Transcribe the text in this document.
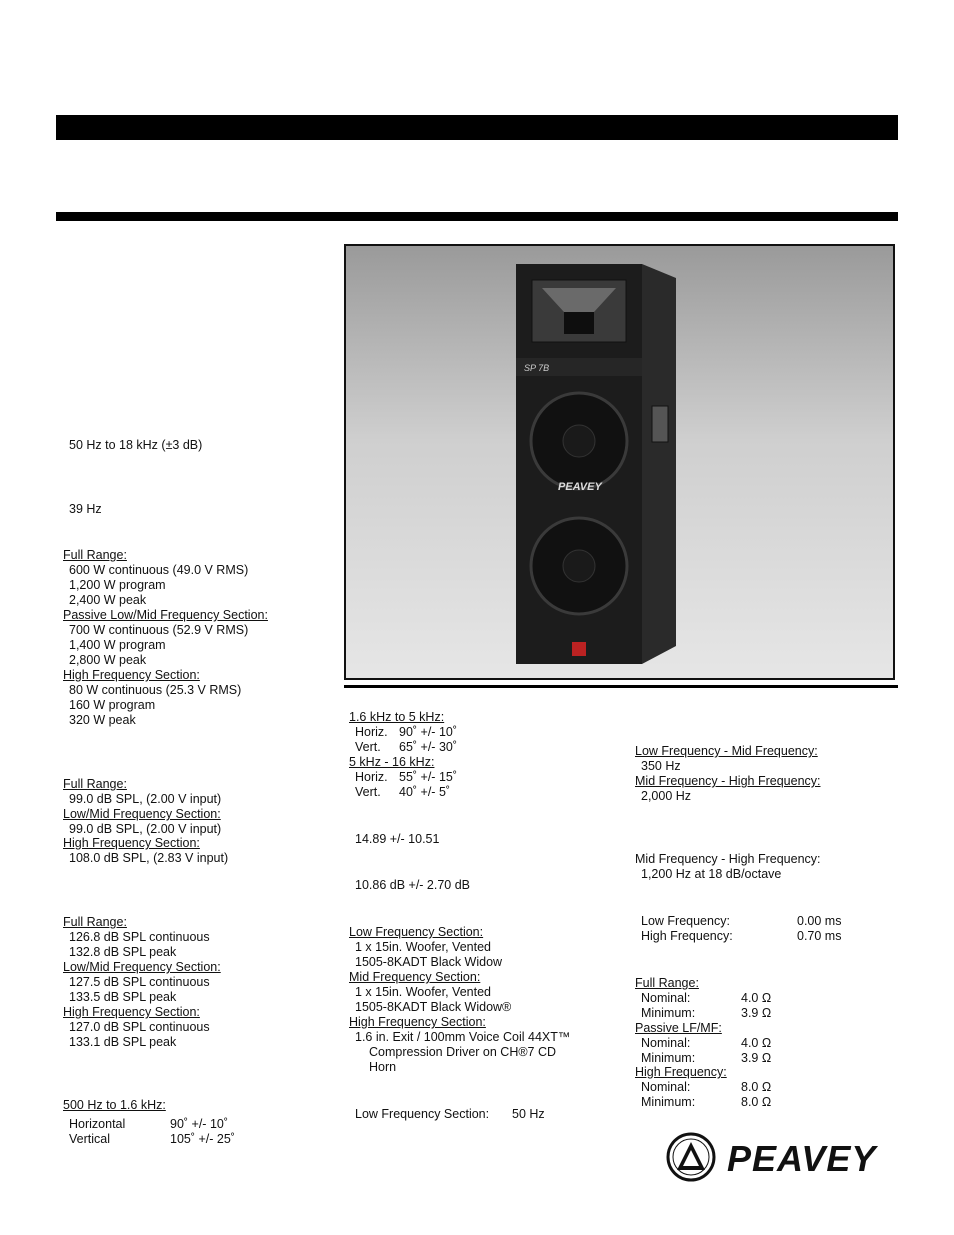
SP 7B
PEAVEY
50 Hz to 18 kHz (±3 dB)
39 Hz
Full Range:
600 W continuous (49.0 V RMS)
1,200 W program
2,400 W peak
Passive Low/Mid Frequency Section:
700 W continuous (52.9 V RMS)
1,400 W program
2,800 W peak
High Frequency Section:
80 W continuous (25.3 V RMS)
160 W program
320 W peak
Full Range:
99.0 dB SPL, (2.00 V input)
Low/Mid Frequency Section:
99.0 dB SPL, (2.00 V input)
High Frequency Section:
108.0 dB SPL, (2.83 V input)
Full Range:
126.8 dB SPL continuous
132.8 dB SPL peak
Low/Mid Frequency Section:
127.5 dB SPL continuous
133.5 dB SPL peak
High Frequency Section:
127.0 dB SPL continuous
133.1 dB SPL peak
500 Hz to 1.6 kHz:
Horizontal	90˚ +/- 10˚
Vertical	105˚ +/- 25˚
1.6 kHz to 5 kHz:
Horiz. 90˚ +/- 10˚
Vert. 65˚ +/- 30˚
5 kHz - 16 kHz:
Horiz. 55˚ +/- 15˚
Vert. 40˚ +/- 5˚
14.89 +/- 10.51
10.86 dB +/- 2.70 dB
Low Frequency Section:
1 x 15in. Woofer, Vented
1505-8KADT Black Widow
Mid Frequency Section:
1 x 15in. Woofer, Vented
1505-8KADT Black Widow®
High Frequency Section:
1.6 in. Exit / 100mm Voice Coil 44XT™
Compression Driver on CH®7 CD
Horn
Low Frequency Section: 50 Hz
Low Frequency - Mid Frequency:
350 Hz
Mid Frequency - High Frequency:
2,000 Hz
Mid Frequency - High Frequency:
1,200 Hz at 18 dB/octave
Low Frequency:	0.00 ms
High Frequency:	0.70 ms
Full Range:
Nominal:	4.0 Ω
Minimum:	3.9 Ω
Passive LF/MF:
Nominal:	4.0 Ω
Minimum:	3.9 Ω
High Frequency:
Nominal:	8.0 Ω
Minimum:	8.0 Ω
PEAVEY
